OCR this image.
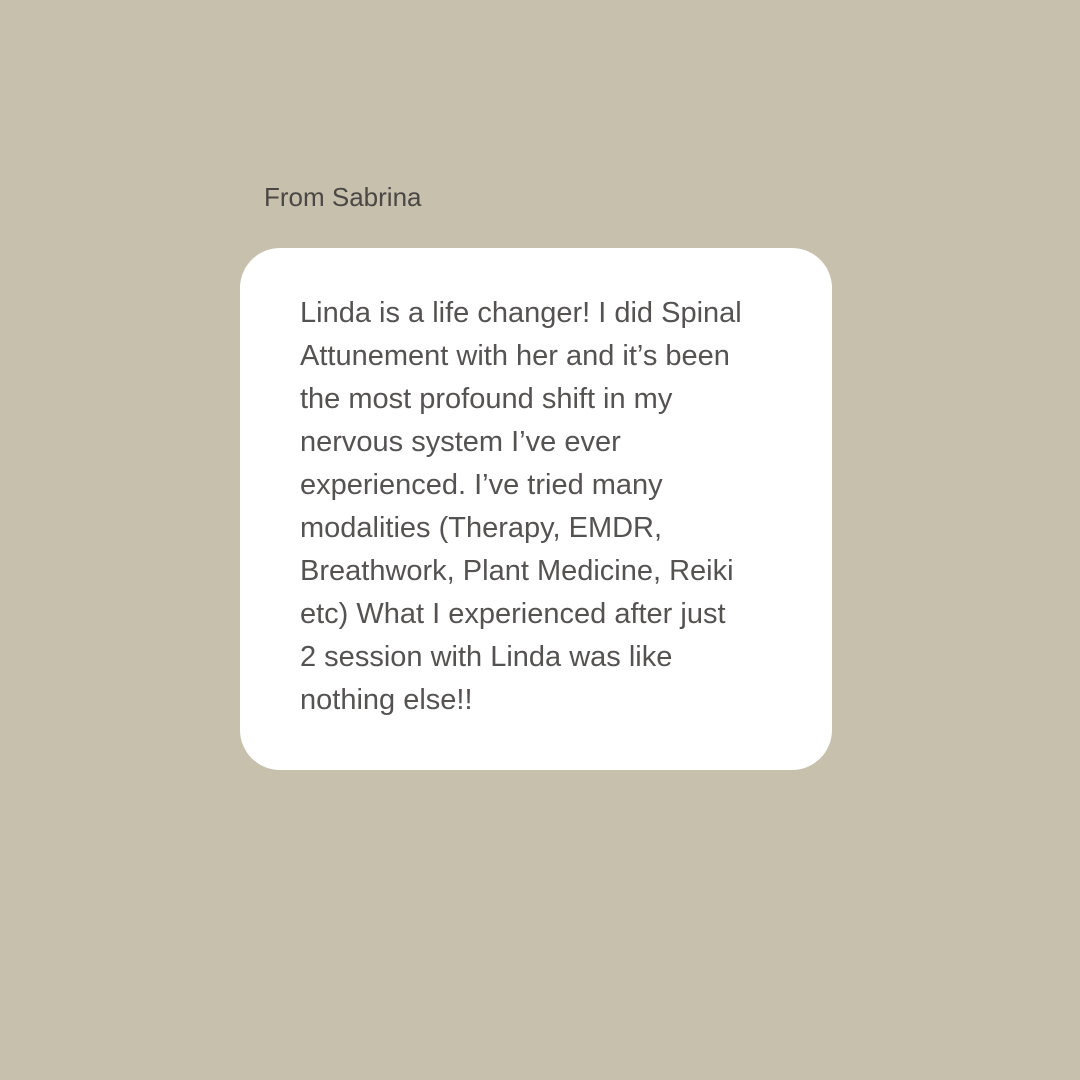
From Sabrina

Linda is a life changer! I did Spinal
Attunement with her and it’s been
the most profound shift in my
nervous system I’ve ever
experienced. I’ve tried many
modalities (Therapy, EMDR,
Breathwork, Plant Medicine, Reiki
etc) What I experienced after just
2 session with Linda was like
nothing else!!
